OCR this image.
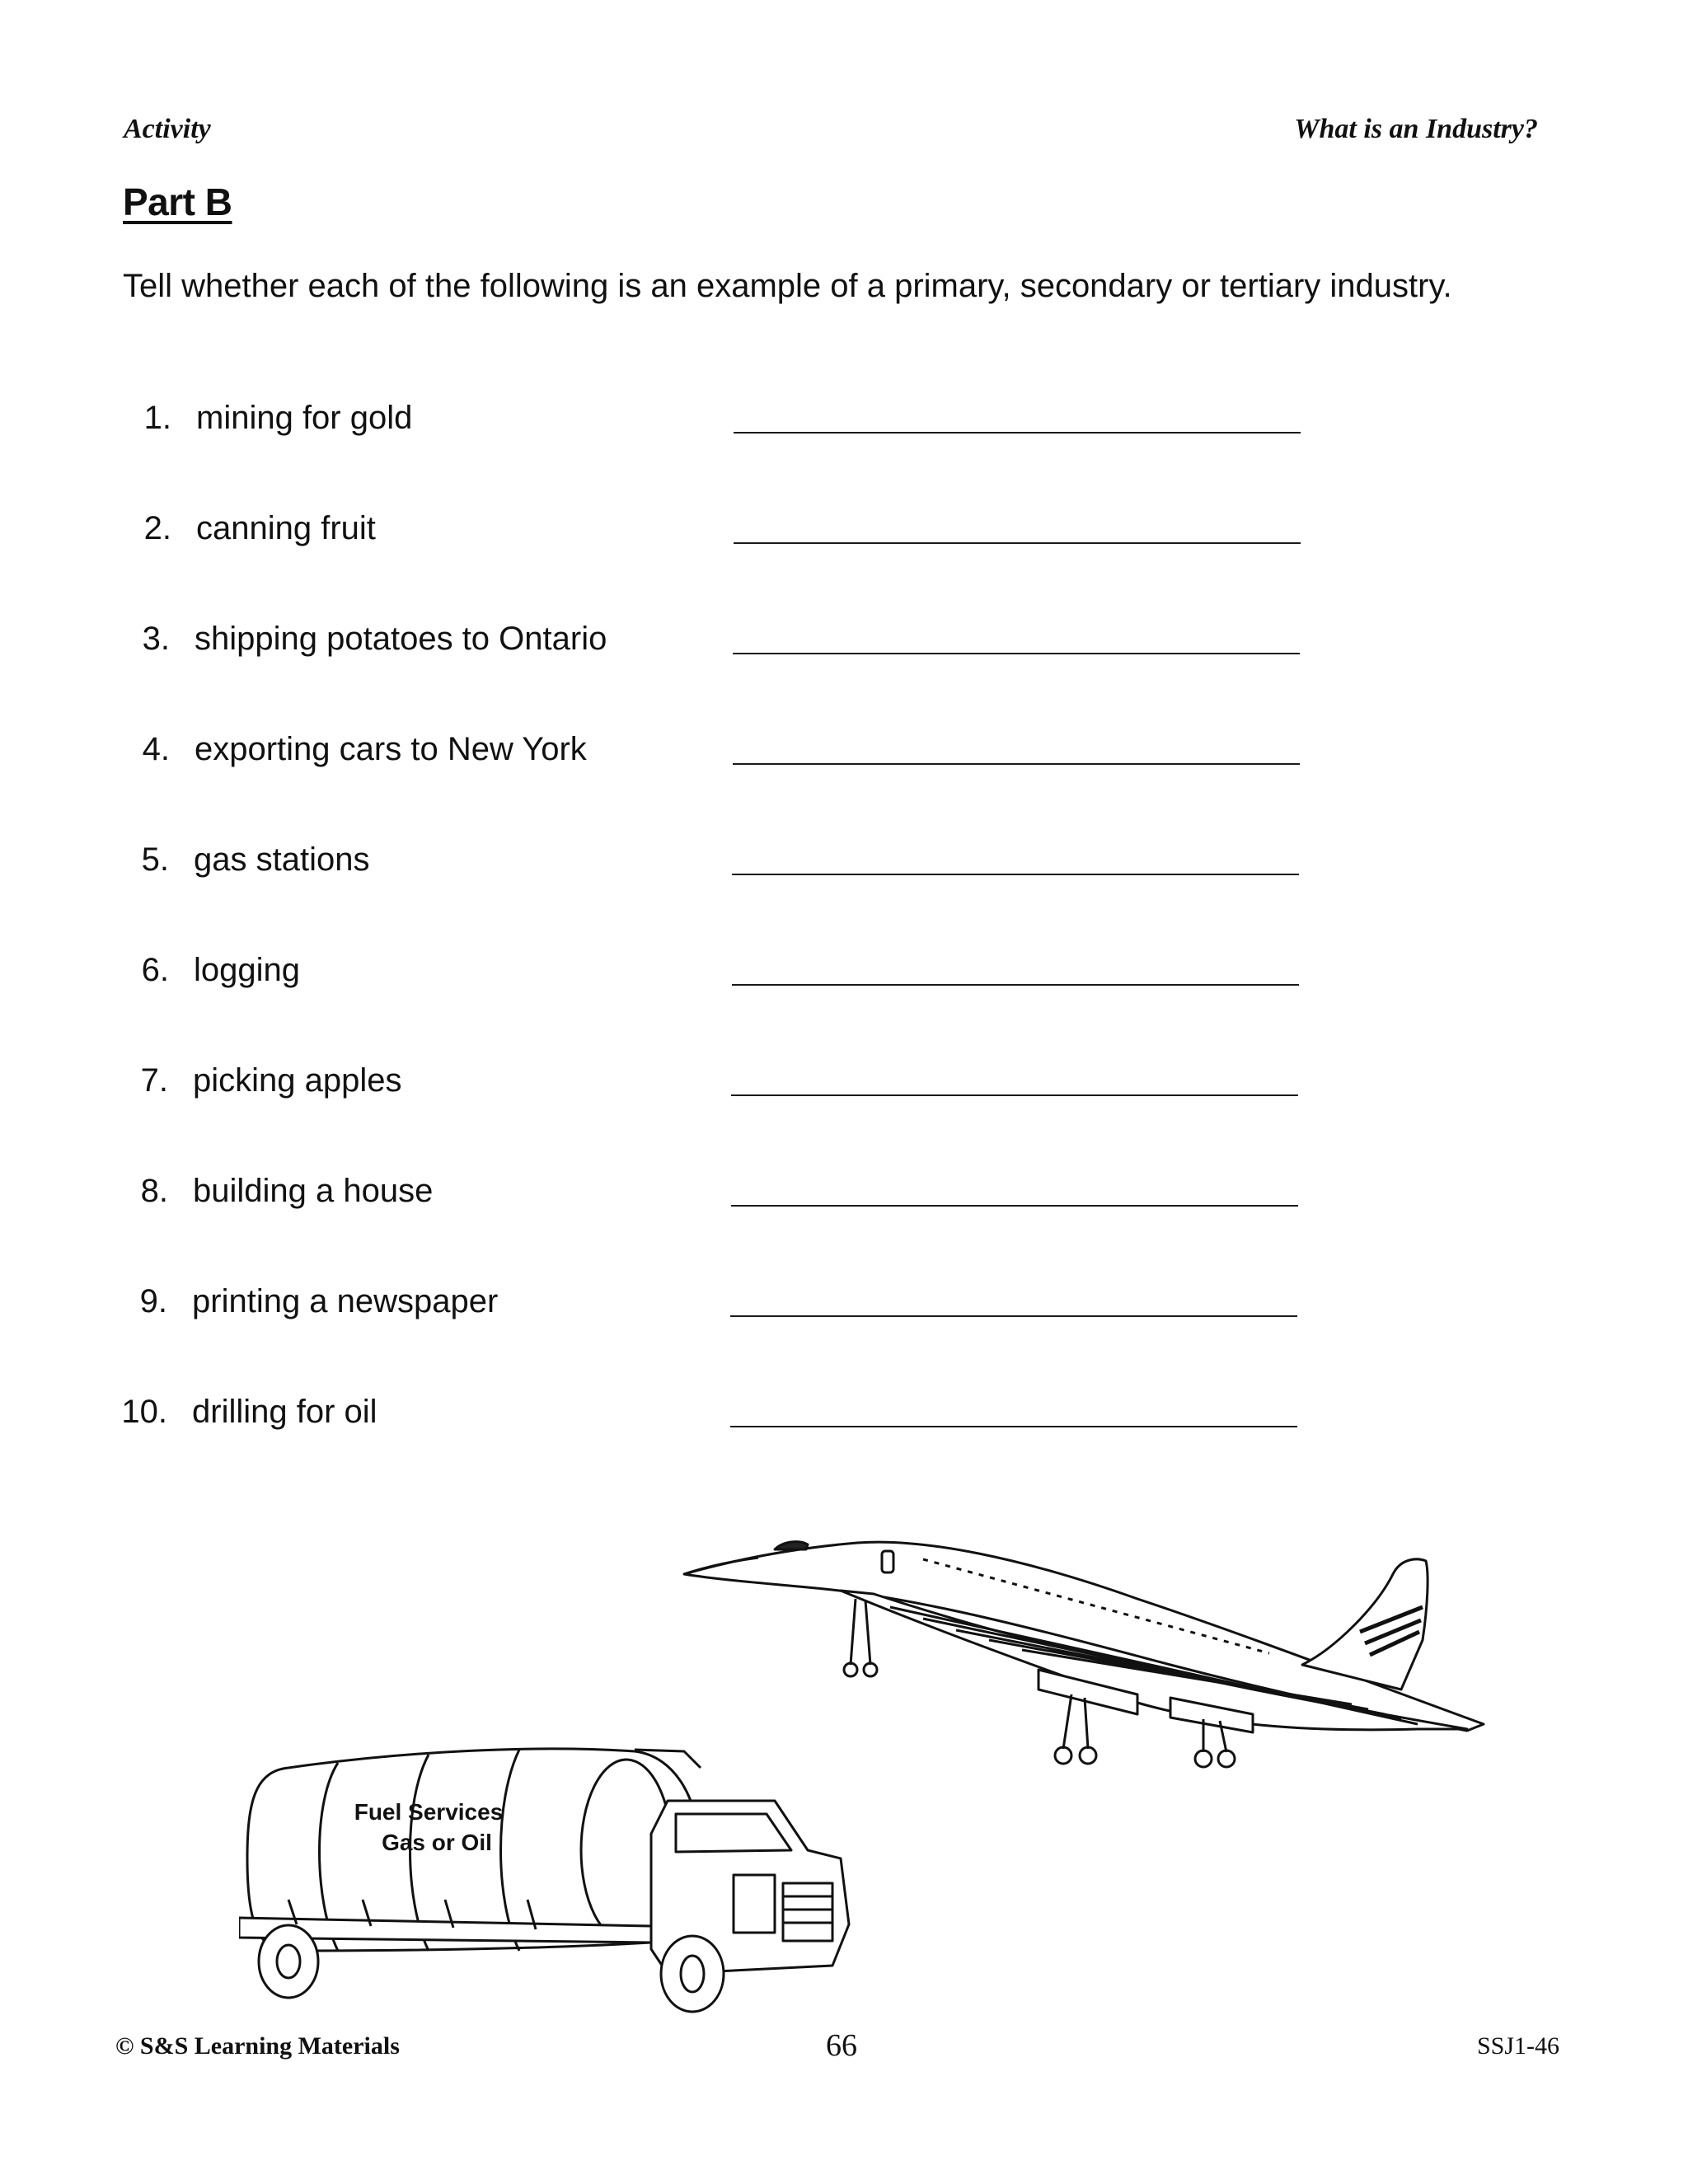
Activity	What is an Industry?
Part B
Tell whether each of the following is an example of a primary, secondary or tertiary industry.
1. mining for gold
2. canning fruit
3. shipping potatoes to Ontario
4. exporting cars to New York
5. gas stations
6. logging
7. picking apples
8. building a house
9. printing a newspaper
10. drilling for oil
Fuel Services
Gas or Oil
© S&S Learning Materials	66	SSJ1-46
